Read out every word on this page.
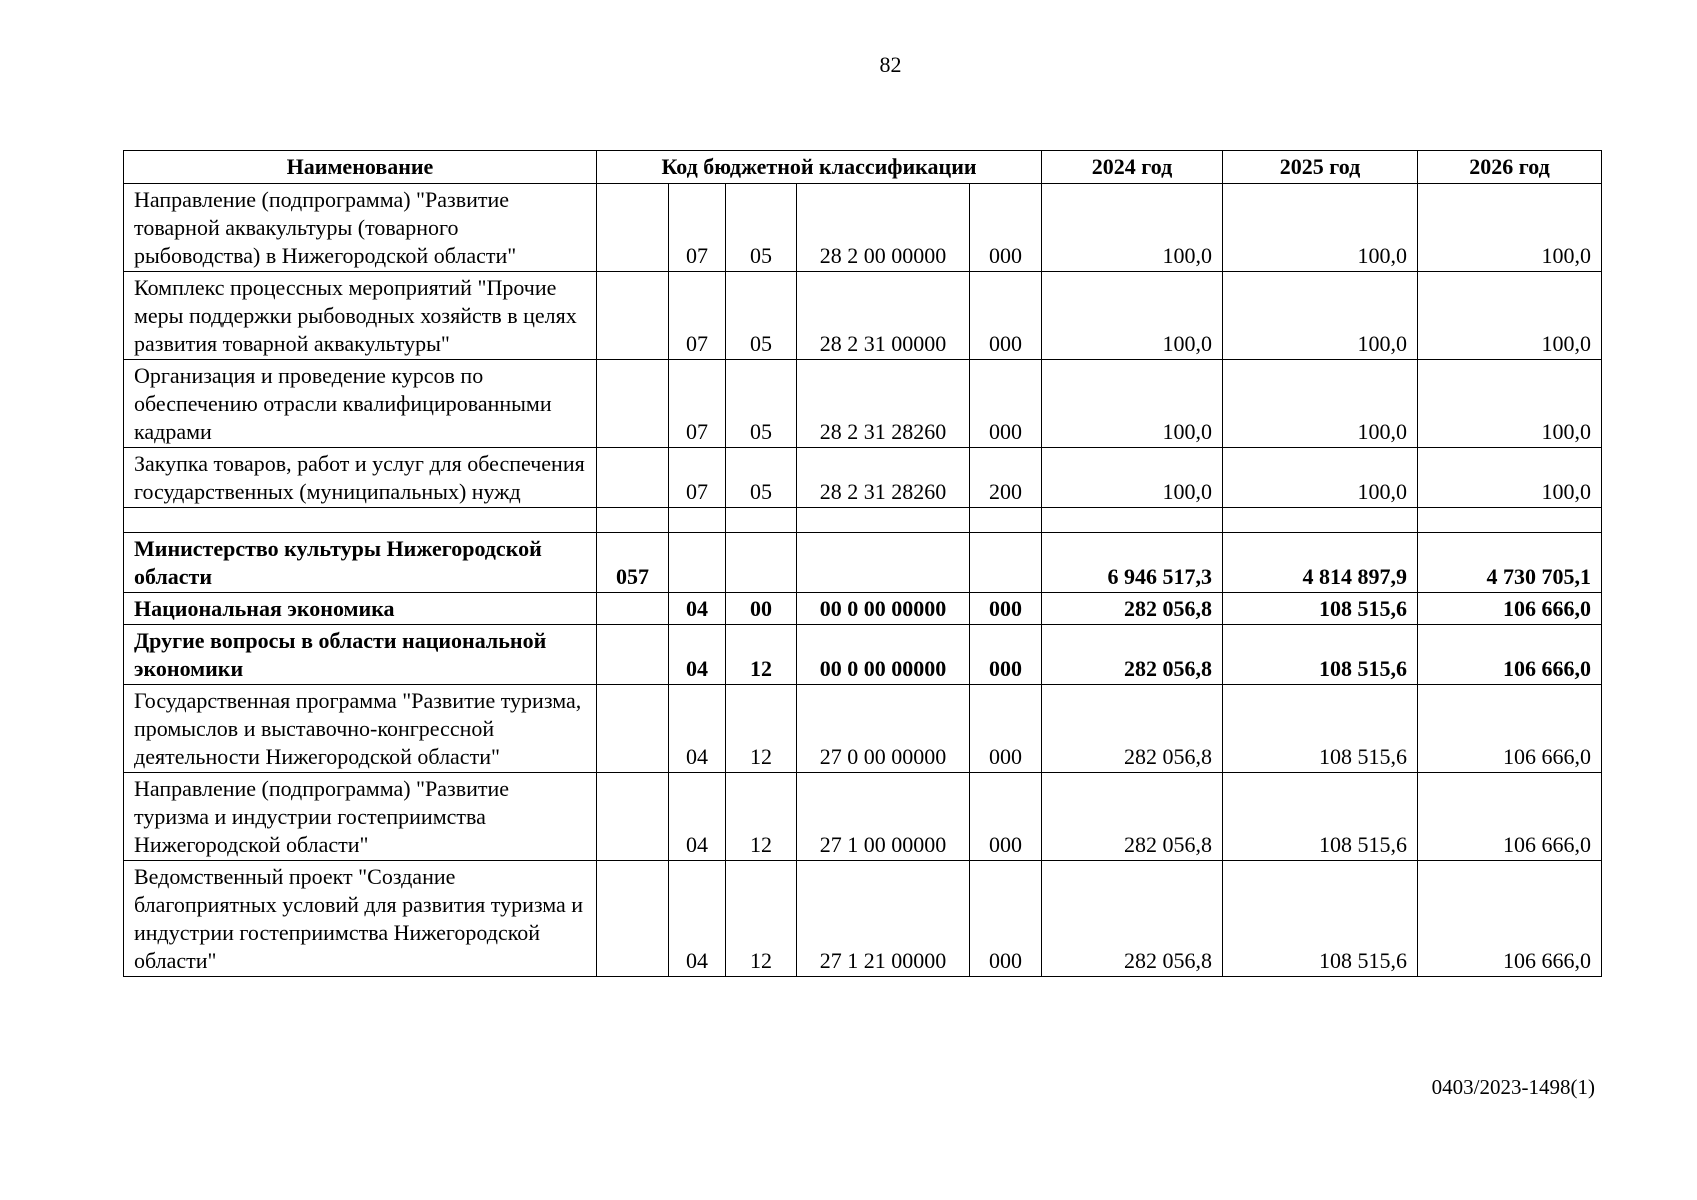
82
Наименование	Код бюджетной классификации					2024 год	2025 год	2026 год
Направление (подпрограмма) "Развитие товарной аквакультуры (товарного рыбоводства) в Нижегородской области"		07	05	28 2 00 00000	000	100,0	100,0	100,0
Комплекс процессных мероприятий "Прочие меры поддержки рыбоводных хозяйств в целях развития товарной аквакультуры"		07	05	28 2 31 00000	000	100,0	100,0	100,0
Организация и проведение курсов по обеспечению отрасли квалифицированными кадрами		07	05	28 2 31 28260	000	100,0	100,0	100,0
Закупка товаров, работ и услуг для обеспечения государственных (муниципальных) нужд		07	05	28 2 31 28260	200	100,0	100,0	100,0

Министерство культуры Нижегородской области	057					6 946 517,3	4 814 897,9	4 730 705,1
Национальная экономика		04	00	00 0 00 00000	000	282 056,8	108 515,6	106 666,0
Другие вопросы в области национальной экономики		04	12	00 0 00 00000	000	282 056,8	108 515,6	106 666,0
Государственная программа "Развитие туризма, промыслов и выставочно-конгрессной деятельности Нижегородской области"		04	12	27 0 00 00000	000	282 056,8	108 515,6	106 666,0
Направление (подпрограмма) "Развитие туризма и индустрии гостеприимства Нижегородской области"		04	12	27 1 00 00000	000	282 056,8	108 515,6	106 666,0
Ведомственный проект "Создание благоприятных условий для развития туризма и индустрии гостеприимства Нижегородской области"		04	12	27 1 21 00000	000	282 056,8	108 515,6	106 666,0
0403/2023-1498(1)
